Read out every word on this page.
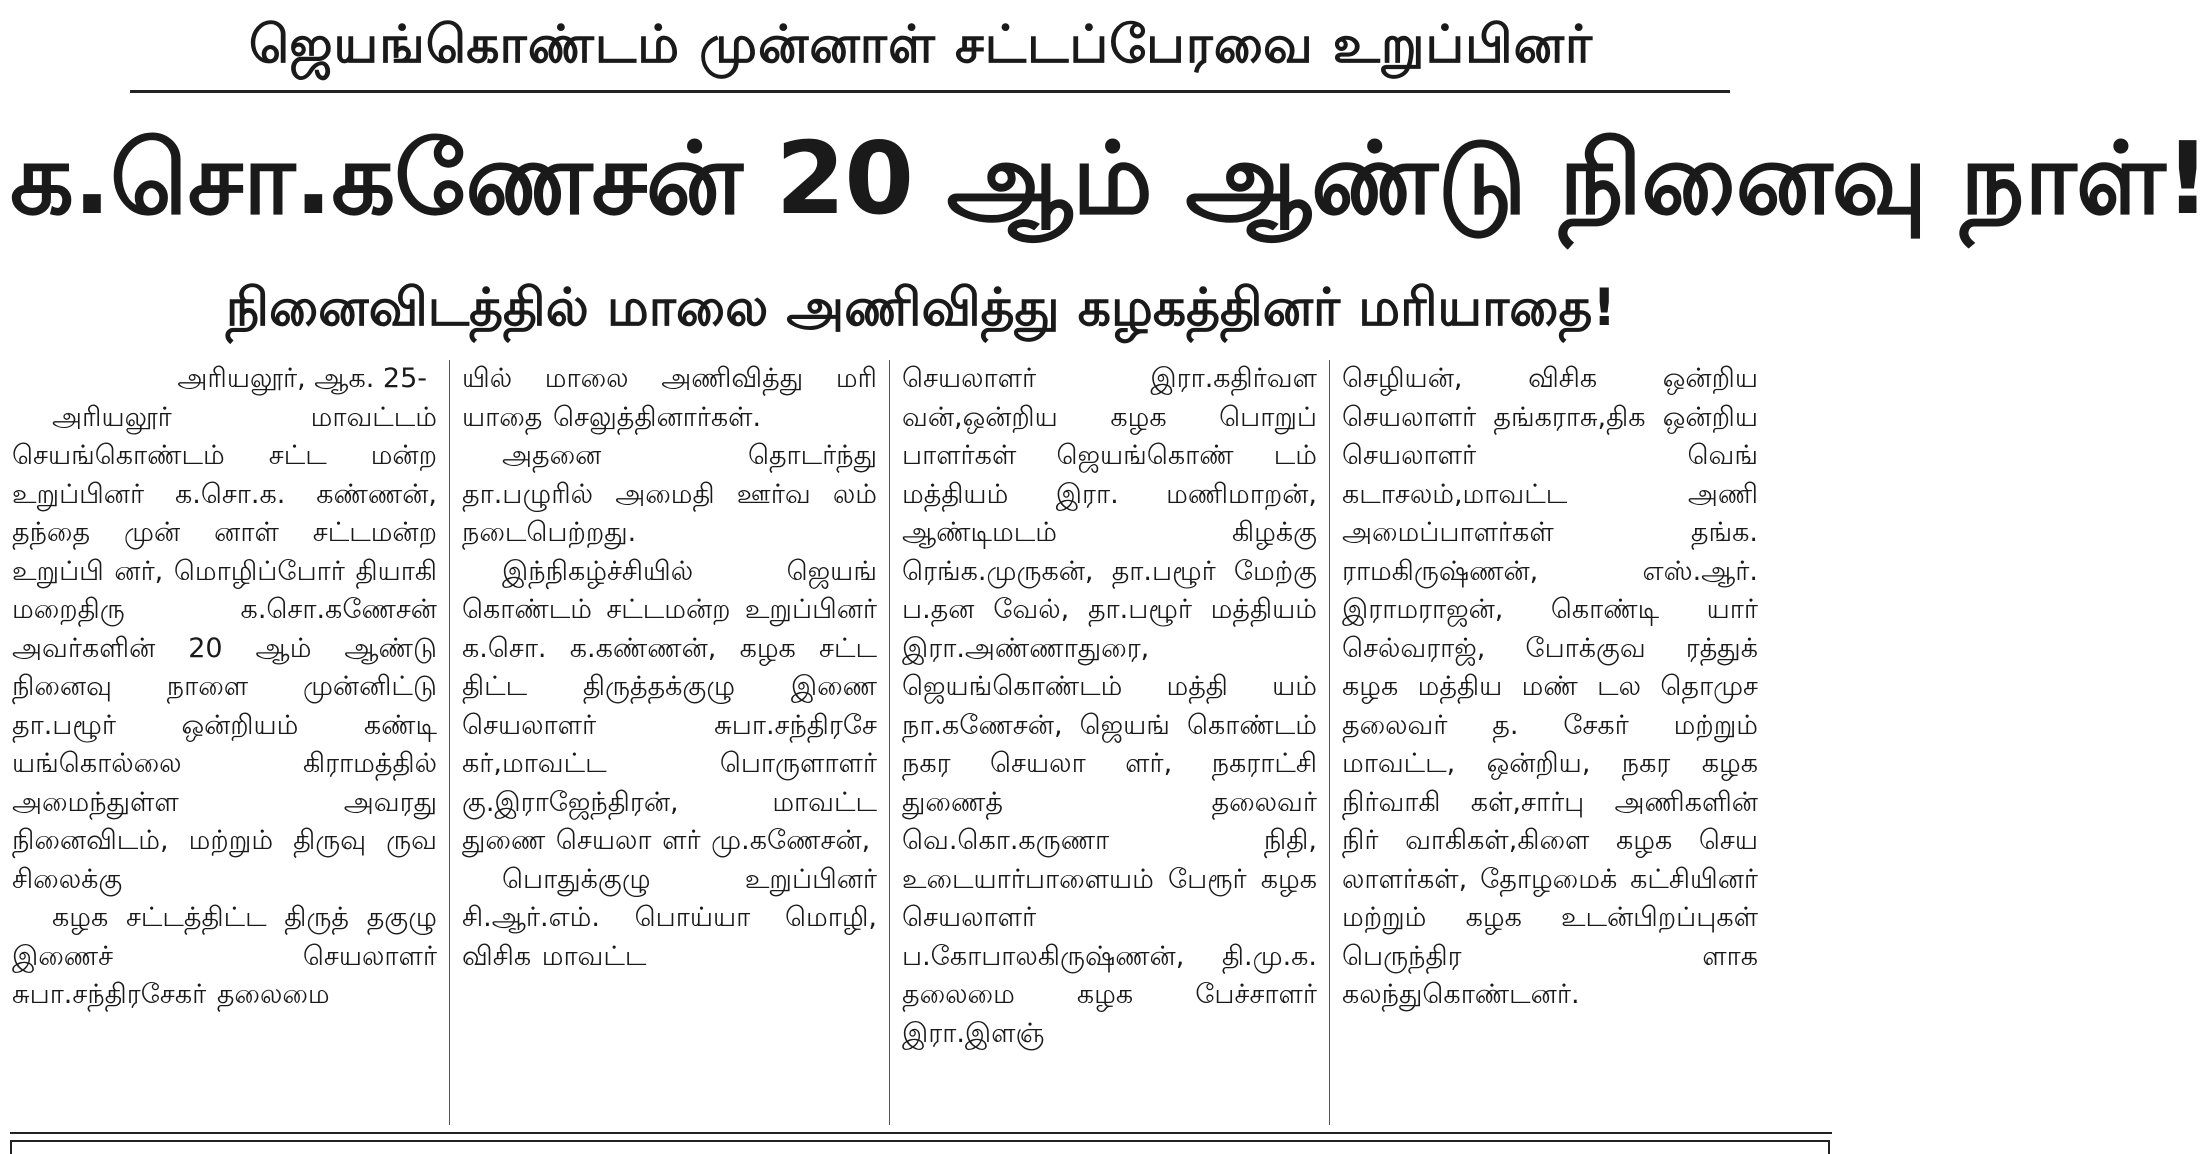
ஜெயங்கொண்டம் முன்னாள் சட்டப்பேரவை உறுப்பினர்
க.சொ.கணேசன் 20 ஆம் ஆண்டு நினைவு நாள்!
நினைவிடத்தில் மாலை அணிவித்து கழகத்தினர் மரியாதை!

அரியலூர், ஆக. 25-

அரியலூர் மாவட்டம் செயங்கொண்டம் சட்ட மன்ற உறுப்பினர் க.சொ.க. கண்ணன், தந்தை முன் னாள் சட்டமன்ற உறுப்பி னர், மொழிப்போர் தியாகி மறைதிரு க.சொ.கணேசன் அவர்களின் 20 ஆம் ஆண்டு நினைவு நாளை முன்னிட்டு தா.பழூர் ஒன்றியம் கண்டி யங்கொல்லை கிராமத்தில் அமைந்துள்ள அவரது நினைவிடம், மற்றும் திருவு ருவ சிலைக்கு

கழக சட்டத்திட்ட திருத் தகுழு இணைச் செயலாளர் சுபா.சந்திரசேகர் தலைமை

யில் மாலை அணிவித்து மரி யாதை செலுத்தினார்கள்.

அதனை தொடர்ந்து தா.பழுரில் அமைதி ஊர்வ லம் நடைபெற்றது.

இந்நிகழ்ச்சியில் ஜெயங் கொண்டம் சட்டமன்ற உறுப்பினர் க.சொ. க.கண்ணன், கழக சட்ட திட்ட திருத்தக்குழு இணை செயலாளர் சுபா.சந்திரசே கர்,மாவட்ட பொருளாளர் கு.இராஜேந்திரன், மாவட்ட துணை செயலா ளர் மு.கணேசன்,

பொதுக்குழு உறுப்பினர் சி.ஆர்.எம். பொய்யா மொழி, விசிக மாவட்ட

செயலாளர் இரா.கதிர்வள வன்,ஒன்றிய கழக பொறுப் பாளர்கள் ஜெயங்கொண் டம் மத்தியம் இரா. மணிமாறன், ஆண்டிமடம் கிழக்கு ரெங்க.முருகன், தா.பழூர் மேற்கு ப.தன வேல், தா.பழூர் மத்தியம் இரா.அண்ணாதுரை, ஜெயங்கொண்டம் மத்தி யம் நா.கணேசன், ஜெயங் கொண்டம் நகர செயலா ளர், நகராட்சி துணைத் தலைவர் வெ.கொ.கருணா நிதி, உடையார்பாளையம் பேரூர் கழக செயலாளர் ப.கோபாலகிருஷ்ணன், தி.மு.க. தலைமை கழக பேச்சாளர் இரா.இளஞ்

செழியன், விசிக ஒன்றிய செயலாளர் தங்கராசு,திக ஒன்றிய செயலாளர் வெங் கடாசலம்,மாவட்ட அணி அமைப்பாளர்கள் தங்க. ராமகிருஷ்ணன், எஸ்.ஆர். இராமராஜன், கொண்டி யார் செல்வராஜ், போக்குவ ரத்துக் கழக மத்திய மண் டல தொமுச தலைவர் த. சேகர் மற்றும் மாவட்ட, ஒன்றிய, நகர கழக நிர்வாகி கள்,சார்பு அணிகளின் நிர் வாகிகள்,கிளை கழக செய லாளர்கள், தோழமைக் கட்சியினர் மற்றும் கழக உடன்பிறப்புகள் பெருந்திர ளாக கலந்துகொண்டனர்.
